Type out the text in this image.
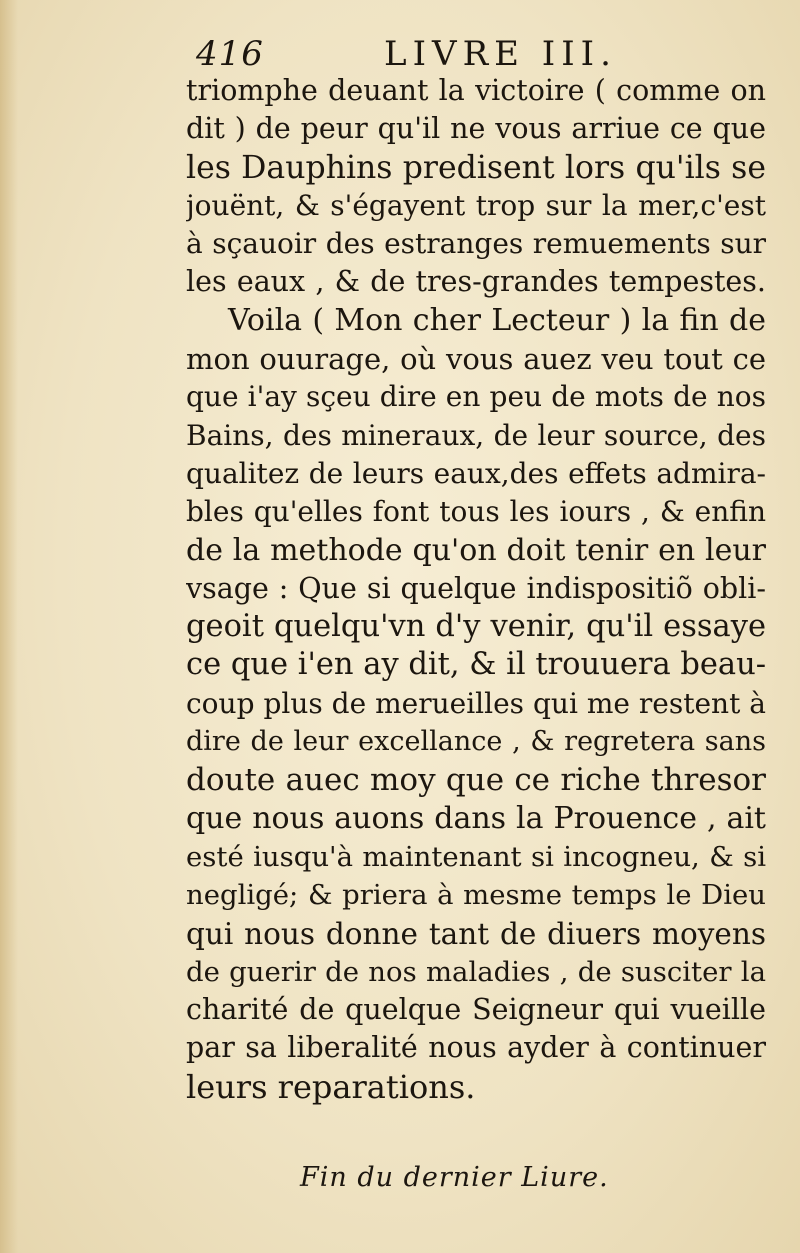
416	LIVRE III.
triomphe deuant la victoire ( comme on
dit ) de peur qu'il ne vous arriue ce que
les Dauphins predisent lors qu'ils se
jouënt, & s'égayent trop sur la mer,c'est
à sçauoir des estranges remuements sur
les eaux , & de tres-grandes tempestes.
Voila ( Mon cher Lecteur ) la fin de
mon ouurage, où vous auez veu tout ce
que i'ay sçeu dire en peu de mots de nos
Bains, des mineraux, de leur source, des
qualitez de leurs eaux,des effets admira-
bles qu'elles font tous les iours , & enfin
de la methode qu'on doit tenir en leur
vsage : Que si quelque indispositiõ obli-
geoit quelqu'vn d'y venir, qu'il essaye
ce que i'en ay dit, & il trouuera beau-
coup plus de merueilles qui me restent à
dire de leur excellance , & regretera sans
doute auec moy que ce riche thresor
que nous auons dans la Prouence , ait
esté iusqu'à maintenant si incogneu, & si
negligé; & priera à mesme temps le Dieu
qui nous donne tant de diuers moyens
de guerir de nos maladies , de susciter la
charité de quelque Seigneur qui vueille
par sa liberalité nous ayder à continuer
leurs reparations.
Fin du dernier Liure.
